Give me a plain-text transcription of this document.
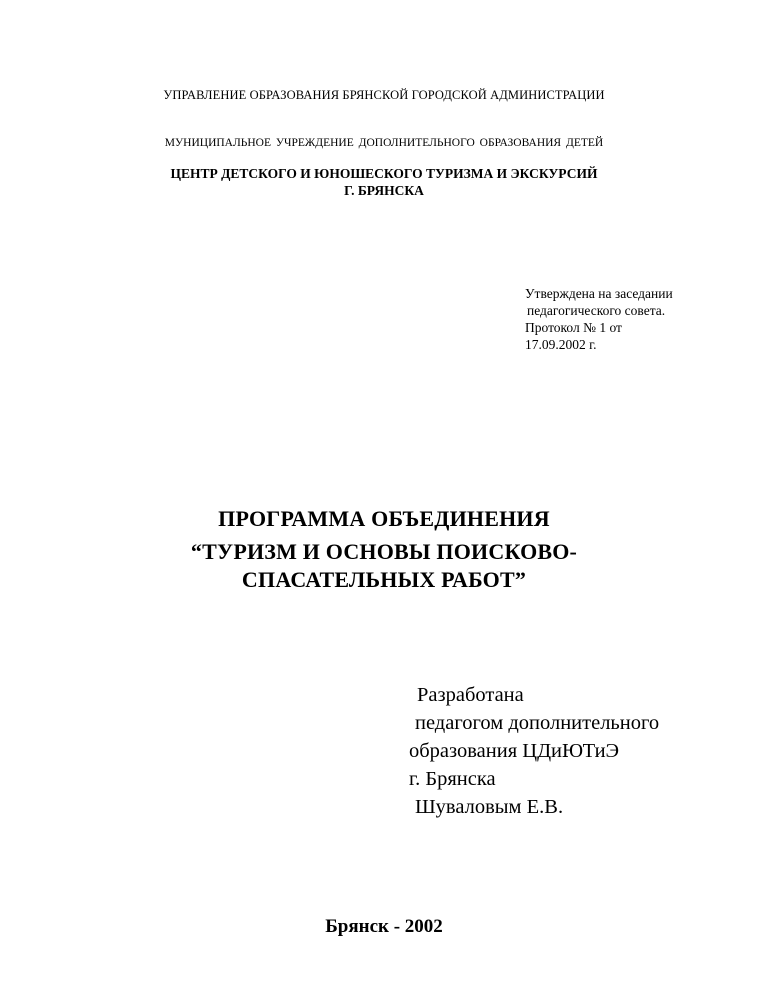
УПРАВЛЕНИЕ ОБРАЗОВАНИЯ БРЯНСКОЙ ГОРОДСКОЙ АДМИНИСТРАЦИИ
МУНИЦИПАЛЬНОЕ УЧРЕЖДЕНИЕ ДОПОЛНИТЕЛЬНОГО ОБРАЗОВАНИЯ ДЕТЕЙ
ЦЕНТР ДЕТСКОГО И ЮНОШЕСКОГО ТУРИЗМА И ЭКСКУРСИЙ
Г. БРЯНСКА
Утверждена на заседании
педагогического совета.
Протокол № 1 от
17.09.2002 г.
ПРОГРАММА ОБЪЕДИНЕНИЯ
“ТУРИЗМ И ОСНОВЫ ПОИСКОВО-
СПАСАТЕЛЬНЫХ РАБОТ”
Разработана
педагогом дополнительного
образования ЦДиЮТиЭ
г. Брянска
Шуваловым Е.В.
Брянск - 2002
